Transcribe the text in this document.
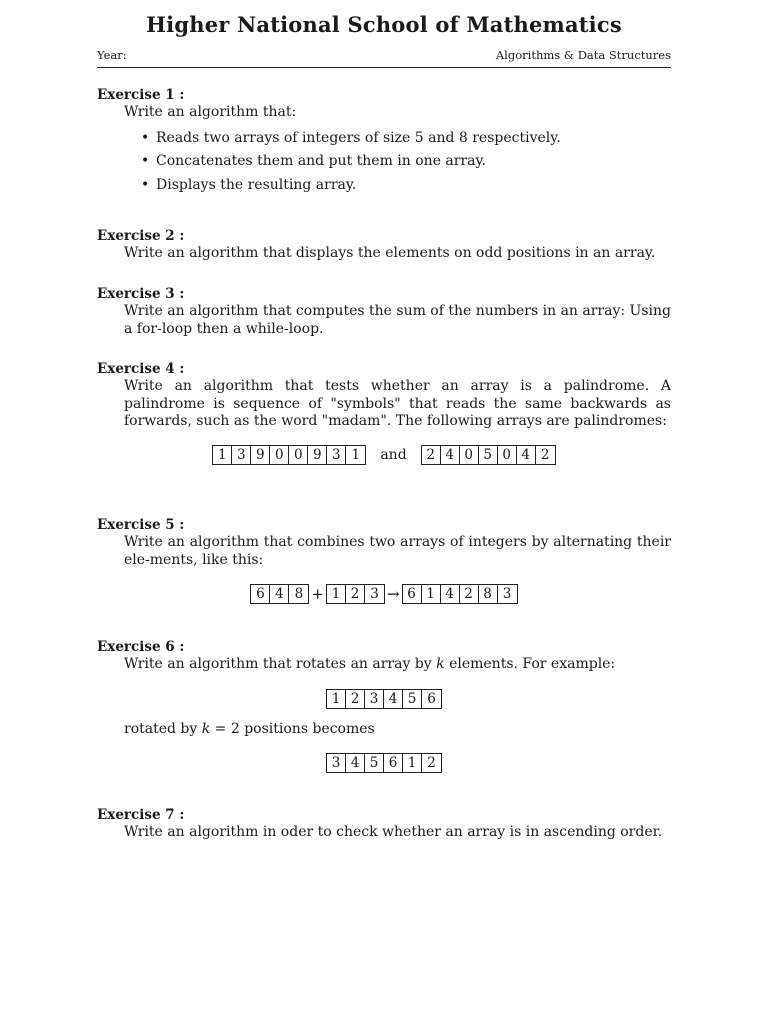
Higher National School of Mathematics
Year:	Algorithms & Data Structures

Exercise 1 :

Write an algorithm that:

• Reads two arrays of integers of size 5 and 8 respectively.
• Concatenates them and put them in one array.
• Displays the resulting array.

Exercise 2 :

Write an algorithm that displays the elements on odd positions in an array.

Exercise 3 :

Write an algorithm that computes the sum of the numbers in an array: Using a for-loop then a while-loop.

Exercise 4 :

Write an algorithm that tests whether an array is a palindrome. A palindrome is sequence of "symbols" that reads the same backwards as forwards, such as the word "madam". The following arrays are palindromes:

1 3 9 0 0 9 3 1	and	2 4 0 5 0 4 2

Exercise 5 :

Write an algorithm that combines two arrays of integers by alternating their ele-ments, like this:

6 4 8 + 1 2 3 → 6 1 4 2 8 3

Exercise 6 :

Write an algorithm that rotates an array by k elements. For example:

1 2 3 4 5 6

rotated by k = 2 positions becomes

3 4 5 6 1 2

Exercise 7 :

Write an algorithm in oder to check whether an array is in ascending order.
